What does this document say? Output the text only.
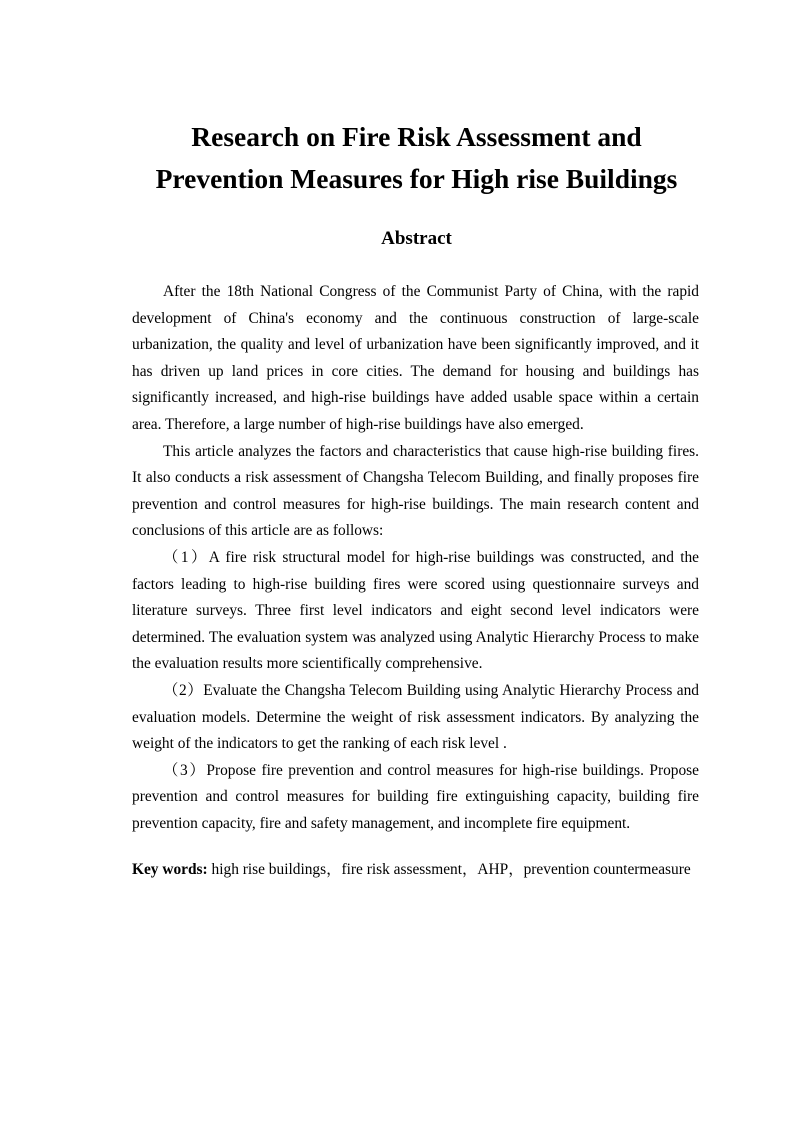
Research on Fire Risk Assessment and
Prevention Measures for High rise Buildings
Abstract

After the 18th National Congress of the Communist Party of China, with the rapid development of China's economy and the continuous construction of large-scale urbanization, the quality and level of urbanization have been significantly improved, and it has driven up land prices in core cities. The demand for housing and buildings has significantly increased, and high-rise buildings have added usable space within a certain area. Therefore, a large number of high-rise buildings have also emerged.

This article analyzes the factors and characteristics that cause high-rise building fires. It also conducts a risk assessment of Changsha Telecom Building, and finally proposes fire prevention and control measures for high-rise buildings. The main research content and conclusions of this article are as follows:

（1）A fire risk structural model for high-rise buildings was constructed, and the factors leading to high-rise building fires were scored using questionnaire surveys and literature surveys. Three first level indicators and eight second level indicators were determined. The evaluation system was analyzed using Analytic Hierarchy Process to make the evaluation results more scientifically comprehensive.

（2）Evaluate the Changsha Telecom Building using Analytic Hierarchy Process and evaluation models. Determine the weight of risk assessment indicators. By analyzing the weight of the indicators to get the ranking of each risk level .

（3）Propose fire prevention and control measures for high-rise buildings. Propose prevention and control measures for building fire extinguishing capacity, building fire prevention capacity, fire and safety management, and incomplete fire equipment.

Key words: high rise buildings，fire risk assessment，AHP，prevention countermeasure
